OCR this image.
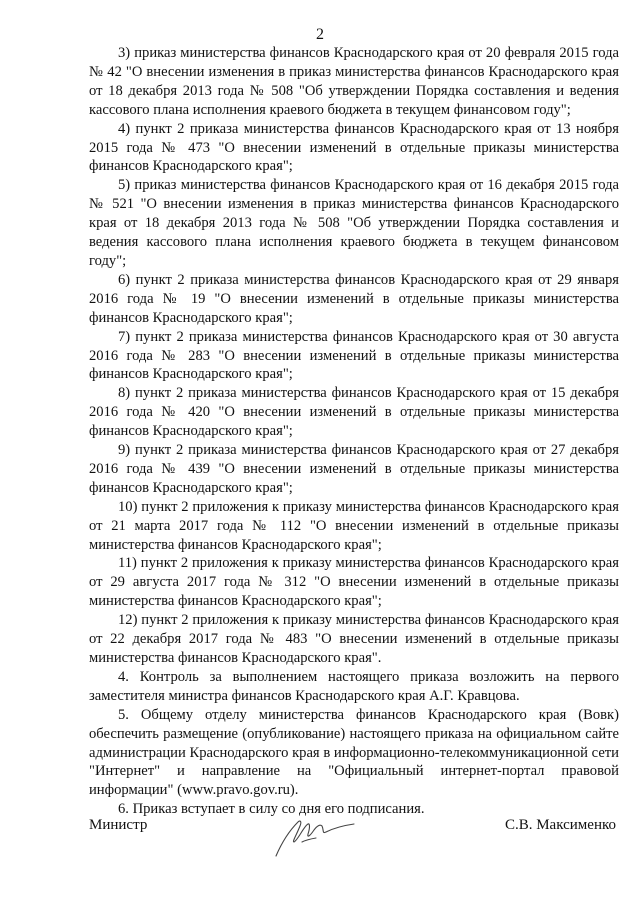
2

3) приказ министерства финансов Краснодарского края от 20 февраля 2015 года № 42 "О внесении изменения в приказ министерства финансов Краснодарского края от 18 декабря 2013 года № 508 "Об утверждении Порядка составления и ведения кассового плана исполнения краевого бюджета в текущем финансовом году";

4) пункт 2 приказа министерства финансов Краснодарского края от 13 ноября 2015 года № 473 "О внесении изменений в отдельные приказы министерства финансов Краснодарского края";

5) приказ министерства финансов Краснодарского края от 16 декабря 2015 года № 521 "О внесении изменения в приказ министерства финансов Краснодарского края от 18 декабря 2013 года № 508 "Об утверждении Порядка составления и ведения кассового плана исполнения краевого бюджета в текущем финансовом году";

6) пункт 2 приказа министерства финансов Краснодарского края от 29 января 2016 года № 19 "О внесении изменений в отдельные приказы министерства финансов Краснодарского края";

7) пункт 2 приказа министерства финансов Краснодарского края от 30 августа 2016 года № 283 "О внесении изменений в отдельные приказы министерства финансов Краснодарского края";

8) пункт 2 приказа министерства финансов Краснодарского края от 15 декабря 2016 года № 420 "О внесении изменений в отдельные приказы министерства финансов Краснодарского края";

9) пункт 2 приказа министерства финансов Краснодарского края от 27 декабря 2016 года № 439 "О внесении изменений в отдельные приказы министерства финансов Краснодарского края";

10) пункт 2 приложения к приказу министерства финансов Краснодарского края от 21 марта 2017 года № 112 "О внесении изменений в отдельные приказы министерства финансов Краснодарского края";

11) пункт 2 приложения к приказу министерства финансов Краснодарского края от 29 августа 2017 года № 312 "О внесении изменений в отдельные приказы министерства финансов Краснодарского края";

12) пункт 2 приложения к приказу министерства финансов Краснодарского края от 22 декабря 2017 года № 483 "О внесении изменений в отдельные приказы министерства финансов Краснодарского края".

4. Контроль за выполнением настоящего приказа возложить на первого заместителя министра финансов Краснодарского края А.Г. Кравцова.

5. Общему отделу министерства финансов Краснодарского края (Вовк) обеспечить размещение (опубликование) настоящего приказа на официальном сайте администрации Краснодарского края в информационно-телекоммуникационной сети "Интернет" и направление на "Официальный интернет-портал правовой информации" (www.pravo.gov.ru).

6. Приказ вступает в силу со дня его подписания.

Министр	С.В. Максименко
